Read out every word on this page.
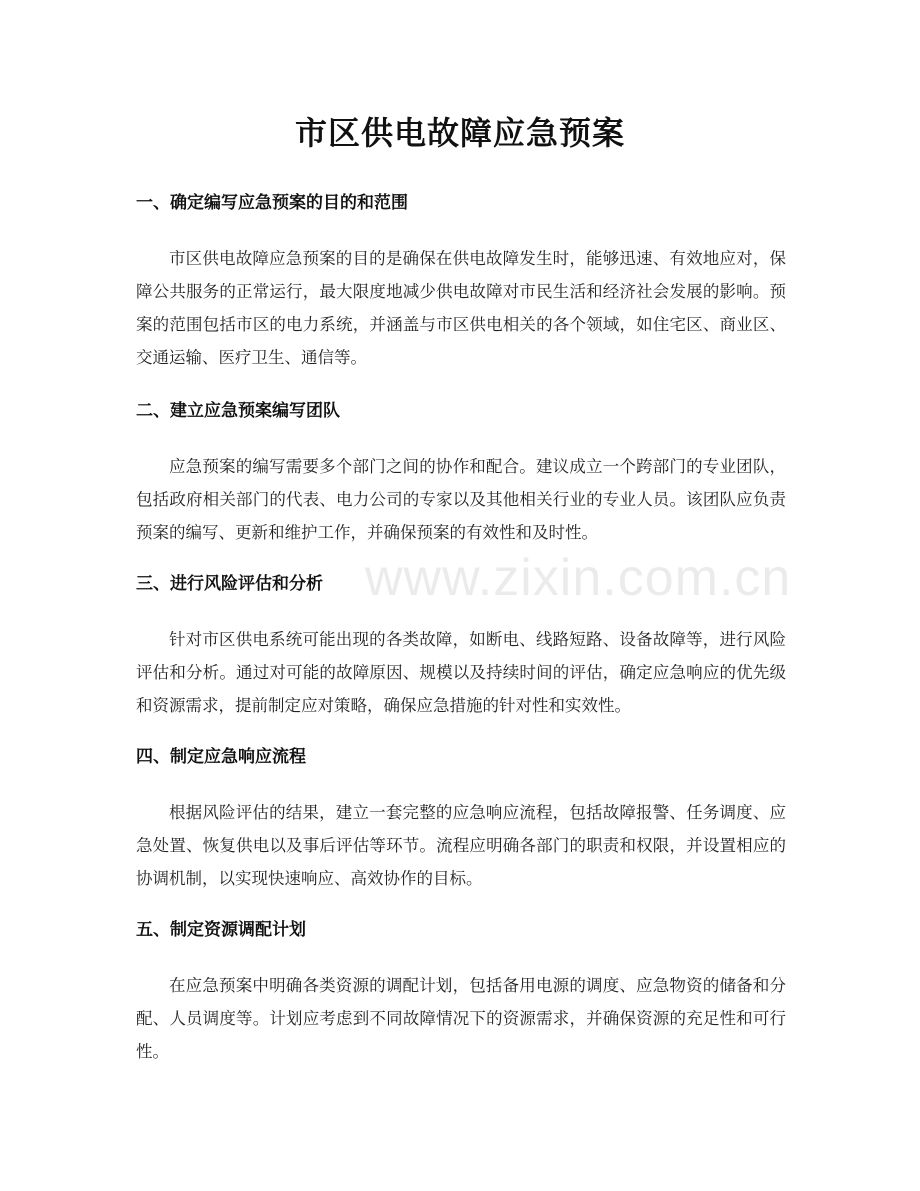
市区供电故障应急预案
一、确定编写应急预案的目的和范围
市区供电故障应急预案的目的是确保在供电故障发生时，能够迅速、有效地应对，保障公共服务的正常运行，最大限度地减少供电故障对市民生活和经济社会发展的影响。预案的范围包括市区的电力系统，并涵盖与市区供电相关的各个领域，如住宅区、商业区、交通运输、医疗卫生、通信等。
二、建立应急预案编写团队
应急预案的编写需要多个部门之间的协作和配合。建议成立一个跨部门的专业团队，包括政府相关部门的代表、电力公司的专家以及其他相关行业的专业人员。该团队应负责预案的编写、更新和维护工作，并确保预案的有效性和及时性。
三、进行风险评估和分析
针对市区供电系统可能出现的各类故障，如断电、线路短路、设备故障等，进行风险评估和分析。通过对可能的故障原因、规模以及持续时间的评估，确定应急响应的优先级和资源需求，提前制定应对策略，确保应急措施的针对性和实效性。
四、制定应急响应流程
根据风险评估的结果，建立一套完整的应急响应流程，包括故障报警、任务调度、应急处置、恢复供电以及事后评估等环节。流程应明确各部门的职责和权限，并设置相应的协调机制，以实现快速响应、高效协作的目标。
五、制定资源调配计划
在应急预案中明确各类资源的调配计划，包括备用电源的调度、应急物资的储备和分配、人员调度等。计划应考虑到不同故障情况下的资源需求，并确保资源的充足性和可行性。
www.zixin.com.cn
